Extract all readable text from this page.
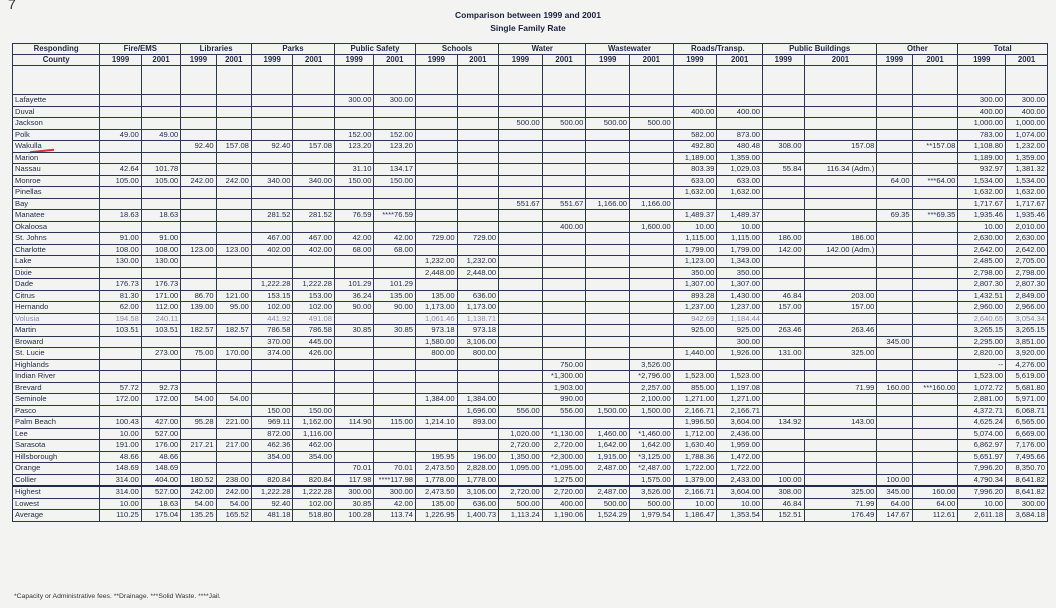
7
Comparison between 1999 and 2001
Single Family Rate
Responding	Fire/EMS		Libraries		Parks		Public Safety		Schools		Water		Wastewater		Roads/Transp.		Public Buildings		Other		Total	
County	1999	2001	1999	2001	1999	2001	1999	2001	1999	2001	1999	2001	1999	2001	1999	2001	1999	2001	1999	2001	1999	2001

Lafayette							300.00	300.00													300.00	300.00
Duval															400.00	400.00					400.00	400.00
Jackson											500.00	500.00	500.00	500.00							1,000.00	1,000.00
Polk	49.00	49.00					152.00	152.00							582.00	873.00					783.00	1,074.00
Wakulla			92.40	157.08	92.40	157.08	123.20	123.20							492.80	480.48	308.00	157.08		**157.08	1,108.80	1,232.00
Marion															1,189.00	1,359.00					1,189.00	1,359.00
Nassau	42.64	101.78					31.10	134.17							803.39	1,029.03	55.84	116.34 (Adm.)			932.97	1,381.32
Monroe	105.00	105.00	242.00	242.00	340.00	340.00	150.00	150.00							633.00	633.00			64.00	***64.00	1,534.00	1,534.00
Pinellas															1,632.00	1,632.00					1,632.00	1,632.00
Bay											551.67	551.67	1,166.00	1,166.00							1,717.67	1,717.67
Manatee	18.63	18.63			281.52	281.52	76.59	****76.59							1,489.37	1,489.37			69.35	***69.35	1,935.46	1,935.46
Okaloosa												400.00		1,600.00	10.00	10.00					10.00	2,010.00
St. Johns	91.00	91.00			467.00	467.00	42.00	42.00	729.00	729.00					1,115.00	1,115.00	186.00	186.00			2,630.00	2,630.00
Charlotte	108.00	108.00	123.00	123.00	402.00	402.00	68.00	68.00							1,799.00	1,799.00	142.00	142.00 (Adm.)			2,642.00	2,642.00
Lake	130.00	130.00							1,232.00	1,232.00					1,123.00	1,343.00					2,485.00	2,705.00
Dixie									2,448.00	2,448.00					350.00	350.00					2,798.00	2,798.00
Dade	176.73	176.73			1,222.28	1,222.28	101.29	101.29							1,307.00	1,307.00					2,807.30	2,807.30
Citrus	81.30	171.00	86.70	121.00	153.15	153.00	36.24	135.00	135.00	636.00					893.28	1,430.00	46.84	203.00			1,432.51	2,849.00
Hernando	62.00	112.00	139.00	95.00	102.00	102.00	90.00	90.00	1,173.00	1,173.00					1,237.00	1,237.00	157.00	157.00			2,960.00	2,966.00
Volusia	194.58	240.11			441.92	491.08			1,061.46	1,138.71					942.69	1,184.44					2,640.65	3,054.34
Martin	103.51	103.51	182.57	182.57	786.58	786.58	30.85	30.85	973.18	973.18					925.00	925.00	263.46	263.46			3,265.15	3,265.15
Broward					370.00	445.00			1,580.00	3,106.00						300.00			345.00		2,295.00	3,851.00
St. Lucie		273.00	75.00	170.00	374.00	426.00			800.00	800.00					1,440.00	1,926.00	131.00	325.00			2,820.00	3,920.00
Highlands												750.00		3,526.00							--	4,276.00
Indian River												*1,300.00		*2,796.00	1,523.00	1,523.00					1,523.00	5,619.00
Brevard	57.72	92.73										1,903.00		2,257.00	855.00	1,197.08		71.99	160.00	***160.00	1,072.72	5,681.80
Seminole	172.00	172.00	54.00	54.00					1,384.00	1,384.00		990.00		2,100.00	1,271.00	1,271.00					2,881.00	5,971.00
Pasco					150.00	150.00				1,696.00	556.00	556.00	1,500.00	1,500.00	2,166.71	2,166.71					4,372.71	6,068.71
Palm Beach	100.43	427.00	95.28	221.00	969.11	1,162.00	114.90	115.00	1,214.10	893.00					1,996.50	3,604.00	134.92	143.00			4,625.24	6,565.00
Lee	10.00	527.00			872.00	1,116.00					1,020.00	*1,130.00	1,460.00	*1,460.00	1,712.00	2,436.00					5,074.00	6,669.00
Sarasota	191.00	176.00	217.21	217.00	462.36	462.00					2,720.00	2,720.00	1,642.00	1,642.00	1,630.40	1,959.00					6,862.97	7,176.00
Hillsborough	48.66	48.66			354.00	354.00			195.95	196.00	1,350.00	*2,300.00	1,915.00	*3,125.00	1,788.36	1,472.00					5,651.97	7,495.66
Orange	148.69	148.69					70.01	70.01	2,473.50	2,828.00	1,095.00	*1,095.00	2,487.00	*2,487.00	1,722.00	1,722.00					7,996.20	8,350.70
Collier	314.00	404.00	180.52	238.00	820.84	820.84	117.98	****117.98	1,778.00	1,778.00		1,275.00		1,575.00	1,379.00	2,433.00	100.00		100.00		4,790.34	8,641.82
Highest	314.00	527.00	242.00	242.00	1,222.28	1,222.28	300.00	300.00	2,473.50	3,106.00	2,720.00	2,720.00	2,487.00	3,526.00	2,166.71	3,604.00	308.00	325.00	345.00	160.00	7,996.20	8,641.82
Lowest	10.00	18.63	54.00	54.00	92.40	102.00	30.85	42.00	135.00	636.00	500.00	400.00	500.00	500.00	10.00	10.00	46.84	71.99	64.00	64.00	10.00	300.00
Average	110.25	175.04	135.25	165.52	481.18	518.80	100.28	113.74	1,226.95	1,400.73	1,113.24	1,190.06	1,524.29	1,979.54	1,186.47	1,353.54	152.51	176.49	147.67	112.61	2,611.18	3,684.18
*Capacity or Administrative fees. **Drainage. ***Solid Waste. ****Jail.
